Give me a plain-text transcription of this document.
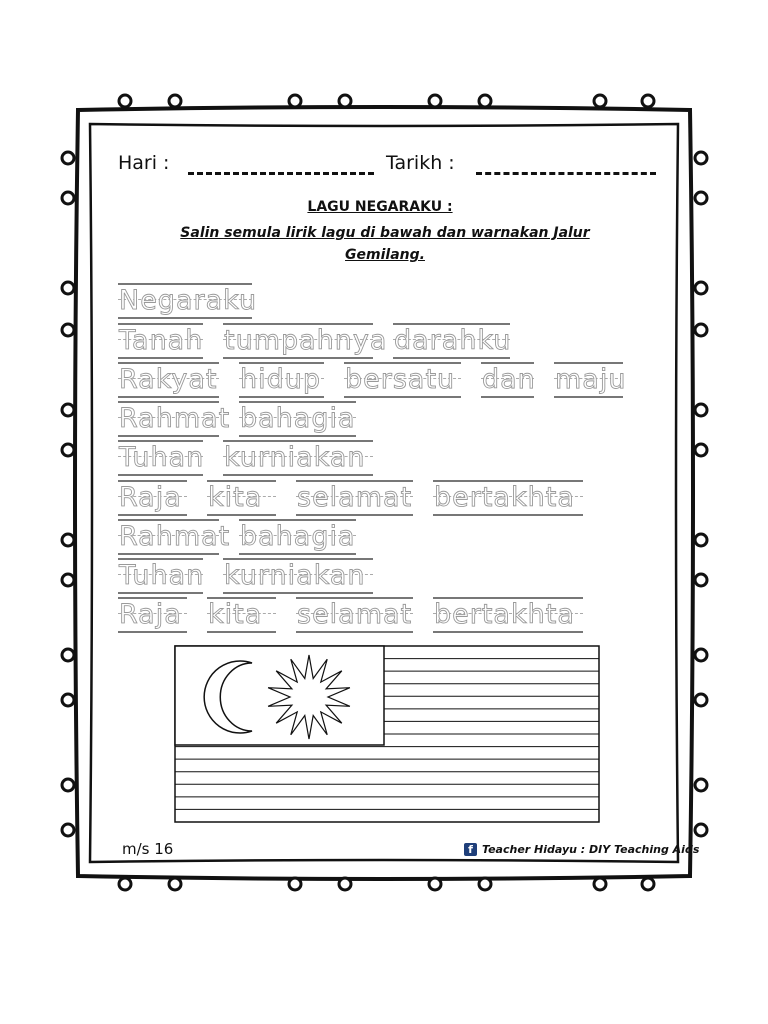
Hari :	Tarikh :
LAGU NEGARAKU :
Salin semula lirik lagu di bawah dan warnakan Jalur
Gemilang.
Negaraku
Tanah tumpahnya darahku
Rakyat hidup bersatu dan maju
Rahmat bahagia
Tuhan kurniakan
Raja kita selamat bertakhta
Rahmat bahagia
Tuhan kurniakan
Raja kita selamat bertakhta
m/s 16	f Teacher Hidayu : DIY Teaching Aids
